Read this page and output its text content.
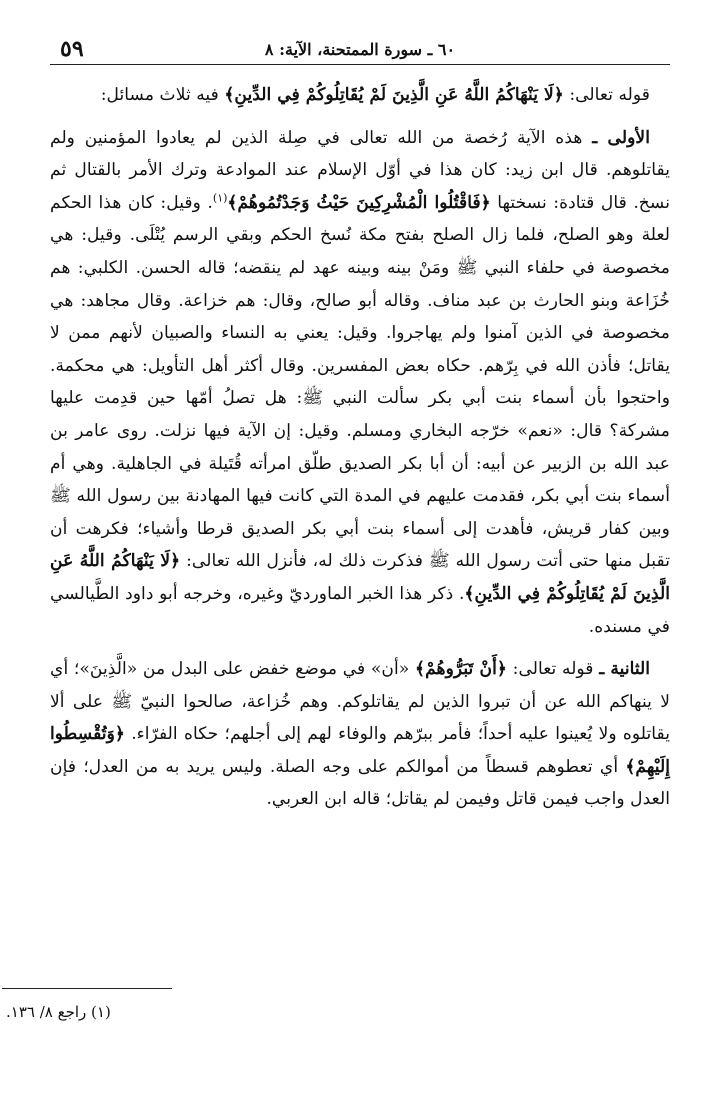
٥٩	٦٠ ـ سورة الممتحنة، الآية: ٨

قوله تعالى: ﴿لَا يَنْهَاكُمُ اللَّهُ عَنِ الَّذِينَ لَمْ يُقَاتِلُوكُمْ فِي الدِّينِ﴾ فيه ثلاث مسائل:

الأولى ـ هذه الآية رُخصة من الله تعالى في صِلة الذين لم يعادوا المؤمنين ولم يقاتلوهم. قال ابن زيد: كان هذا في أوّل الإسلام عند الموادعة وترك الأمر بالقتال ثم نسخ. قال قتادة: نسختها ﴿فَاقْتُلُوا الْمُشْرِكِينَ حَيْثُ وَجَدْتُمُوهُمْ﴾$^{(١)}$. وقيل: كان هذا الحكم لعلة وهو الصلح، فلما زال الصلح بفتح مكة نُسخ الحكم وبقي الرسم يُتْلَى. وقيل: هي مخصوصة في حلفاء النبي ﷺ ومَنْ بينه وبينه عهد لم ينقضه؛ قاله الحسن. الكلبي: هم خُزَاعة وبنو الحارث بن عبد مناف. وقاله أبو صالح، وقال: هم خزاعة. وقال مجاهد: هي مخصوصة في الذين آمنوا ولم يهاجروا. وقيل: يعني به النساء والصبيان لأنهم ممن لا يقاتل؛ فأذن الله في بِرّهم. حكاه بعض المفسرين. وقال أكثر أهل التأويل: هي محكمة. واحتجوا بأن أسماء بنت أبي بكر سألت النبي ﷺ: هل تصلُ أمّها حين قدِمت عليها مشركة؟ قال: «نعم» خرّجه البخاري ومسلم. وقيل: إن الآية فيها نزلت. روى عامر بن عبد الله بن الزبير عن أبيه: أن أبا بكر الصديق طلّق امرأته قُتَيلة في الجاهلية. وهي أم أسماء بنت أبي بكر، فقدمت عليهم في المدة التي كانت فيها المهادنة بين رسول الله ﷺ وبين كفار قريش، فأهدت إلى أسماء بنت أبي بكر الصديق قرطا وأشياء؛ فكرهت أن تقبل منها حتى أتت رسول الله ﷺ فذكرت ذلك له، فأنزل الله تعالى: ﴿لَا يَنْهَاكُمُ اللَّهُ عَنِ الَّذِينَ لَمْ يُقَاتِلُوكُمْ فِي الدِّينِ﴾. ذكر هذا الخبر الماورديّ وغيره، وخرجه أبو داود الطَّيالسي في مسنده.

الثانية ـ قوله تعالى: ﴿أَنْ تَبَرُّوهُمْ﴾ «أن» في موضع خفض على البدل من «الَّذِينَ»؛ أي لا ينهاكم الله عن أن تبروا الذين لم يقاتلوكم. وهم خُزاعة، صالحوا النبيّ ﷺ على ألا يقاتلوه ولا يُعينوا عليه أحداً؛ فأمر ببرّهم والوفاء لهم إلى أجلهم؛ حكاه الفرّاء. ﴿وَتُقْسِطُوا إِلَيْهِمْ﴾ أي تعطوهم قسطاً من أموالكم على وجه الصلة. وليس يريد به من العدل؛ فإن العدل واجب فيمن قاتل وفيمن لم يقاتل؛ قاله ابن العربي.

(١) راجع ٨/ ١٣٦.
